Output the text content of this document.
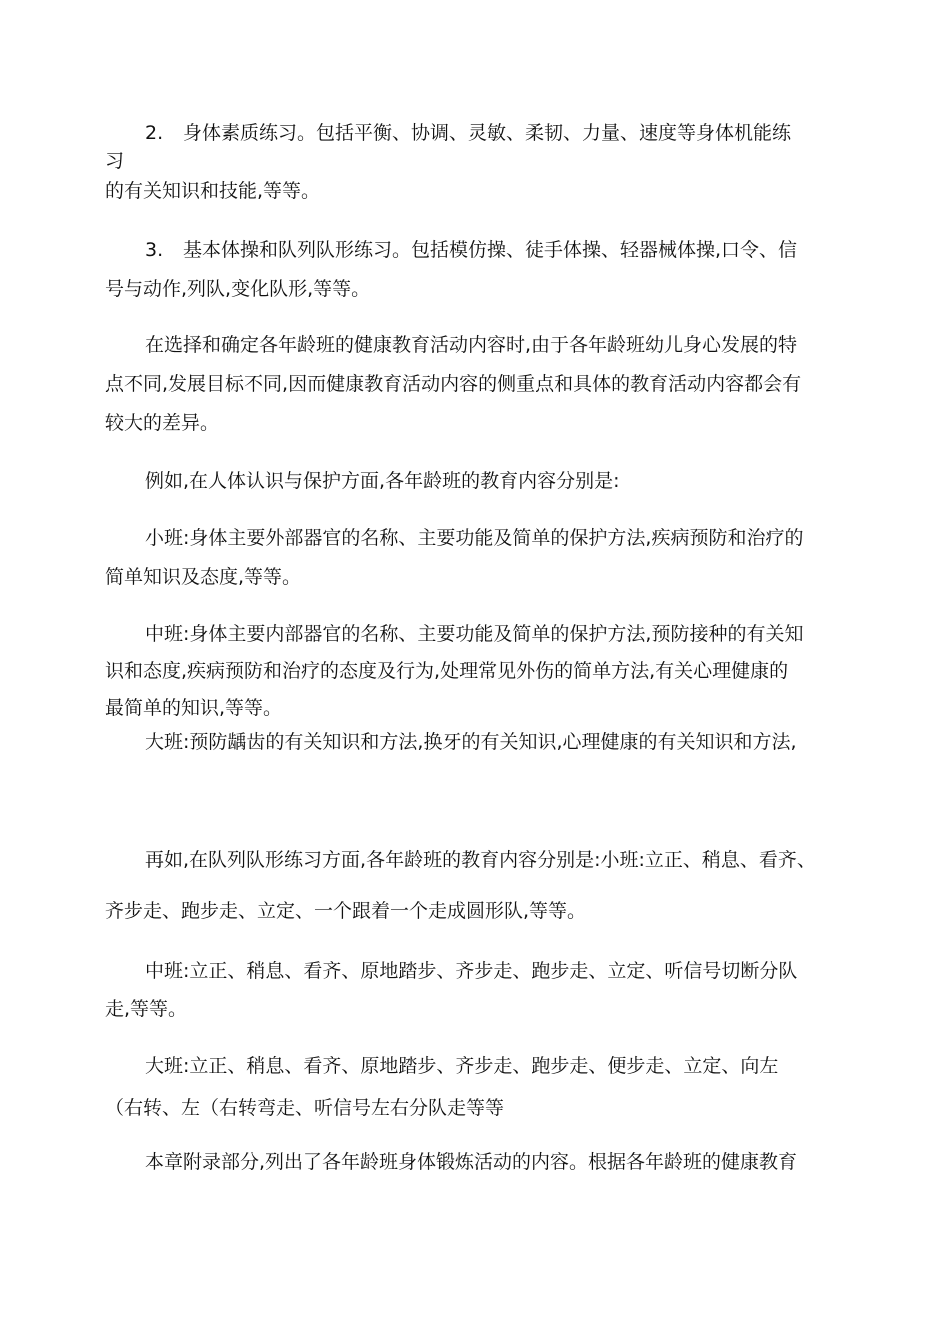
2. 身体素质练习。包括平衡、协调、灵敏、柔韧、力量、速度等身体机能练
习
的有关知识和技能,等等。
3. 基本体操和队列队形练习。包括模仿操、徒手体操、轻器械体操,口令、信
号与动作,列队,变化队形,等等。
在选择和确定各年龄班的健康教育活动内容时,由于各年龄班幼儿身心发展的特
点不同,发展目标不同,因而健康教育活动内容的侧重点和具体的教育活动内容都会有
较大的差异。
例如,在人体认识与保护方面,各年龄班的教育内容分别是:
小班:身体主要外部器官的名称、主要功能及简单的保护方法,疾病预防和治疗的
简单知识及态度,等等。
中班:身体主要内部器官的名称、主要功能及简单的保护方法,预防接种的有关知
识和态度,疾病预防和治疗的态度及行为,处理常见外伤的简单方法,有关心理健康的
最简单的知识,等等。
大班:预防龋齿的有关知识和方法,换牙的有关知识,心理健康的有关知识和方法,
再如,在队列队形练习方面,各年龄班的教育内容分别是:小班:立正、稍息、看齐、
齐步走、跑步走、立定、一个跟着一个走成圆形队,等等。
中班:立正、稍息、看齐、原地踏步、齐步走、跑步走、立定、听信号切断分队
走,等等。
大班:立正、稍息、看齐、原地踏步、齐步走、跑步走、便步走、立定、向左
（右转、左（右转弯走、听信号左右分队走等等
本章附录部分,列出了各年龄班身体锻炼活动的内容。根据各年龄班的健康教育
